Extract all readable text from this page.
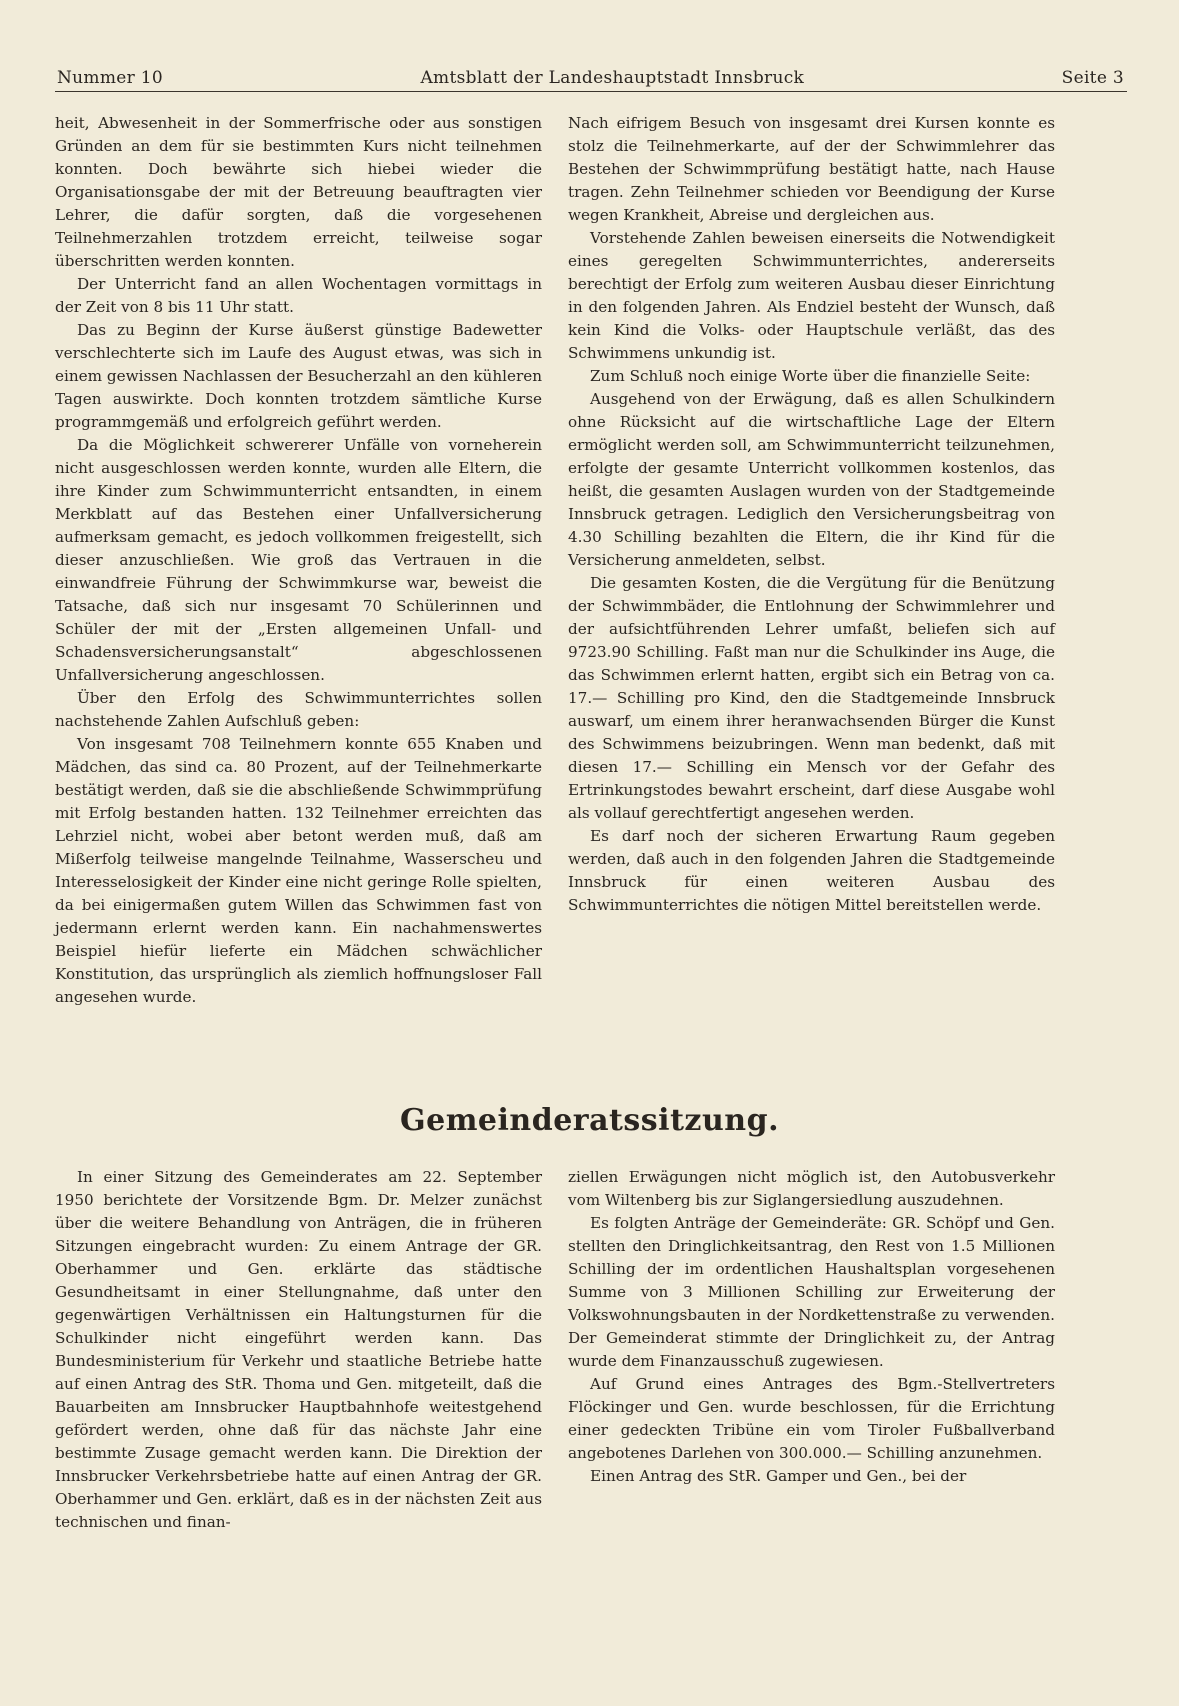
Nummer 10	Amtsblatt der Landeshauptstadt Innsbruck	Seite 3

heit, Abwesenheit in der Sommerfrische oder aus sonstigen Gründen an dem für sie bestimmten Kurs nicht teilnehmen konnten. Doch bewährte sich hiebei wieder die Organisationsgabe der mit der Betreuung beauftragten vier Lehrer, die dafür sorgten, daß die vorgesehenen Teilnehmerzahlen trotzdem erreicht, teilweise sogar überschritten werden konnten.

Der Unterricht fand an allen Wochentagen vormittags in der Zeit von 8 bis 11 Uhr statt.

Das zu Beginn der Kurse äußerst günstige Badewetter verschlechterte sich im Laufe des August etwas, was sich in einem gewissen Nachlassen der Besucherzahl an den kühleren Tagen auswirkte. Doch konnten trotzdem sämtliche Kurse programmgemäß und erfolgreich geführt werden.

Da die Möglichkeit schwererer Unfälle von vorneherein nicht ausgeschlossen werden konnte, wurden alle Eltern, die ihre Kinder zum Schwimmunterricht entsandten, in einem Merkblatt auf das Bestehen einer Unfallversicherung aufmerksam gemacht, es jedoch vollkommen freigestellt, sich dieser anzuschließen. Wie groß das Vertrauen in die einwandfreie Führung der Schwimmkurse war, beweist die Tatsache, daß sich nur insgesamt 70 Schülerinnen und Schüler der mit der „Ersten allgemeinen Unfall- und Schadensversicherungsanstalt“ abgeschlossenen Unfallversicherung angeschlossen.

Über den Erfolg des Schwimmunterrichtes sollen nachstehende Zahlen Aufschluß geben:

Von insgesamt 708 Teilnehmern konnte 655 Knaben und Mädchen, das sind ca. 80 Prozent, auf der Teilnehmerkarte bestätigt werden, daß sie die abschließende Schwimmprüfung mit Erfolg bestanden hatten. 132 Teilnehmer erreichten das Lehrziel nicht, wobei aber betont werden muß, daß am Mißerfolg teilweise mangelnde Teilnahme, Wasserscheu und Interesselosigkeit der Kinder eine nicht geringe Rolle spielten, da bei einigermaßen gutem Willen das Schwimmen fast von jedermann erlernt werden kann. Ein nachahmenswertes Beispiel hiefür lieferte ein Mädchen schwächlicher Konstitution, das ursprünglich als ziemlich hoffnungsloser Fall angesehen wurde.

Nach eifrigem Besuch von insgesamt drei Kursen konnte es stolz die Teilnehmerkarte, auf der der Schwimmlehrer das Bestehen der Schwimmprüfung bestätigt hatte, nach Hause tragen. Zehn Teilnehmer schieden vor Beendigung der Kurse wegen Krankheit, Abreise und dergleichen aus.

Vorstehende Zahlen beweisen einerseits die Notwendigkeit eines geregelten Schwimmunterrichtes, andererseits berechtigt der Erfolg zum weiteren Ausbau dieser Einrichtung in den folgenden Jahren. Als Endziel besteht der Wunsch, daß kein Kind die Volks- oder Hauptschule verläßt, das des Schwimmens unkundig ist.

Zum Schluß noch einige Worte über die finanzielle Seite:

Ausgehend von der Erwägung, daß es allen Schulkindern ohne Rücksicht auf die wirtschaftliche Lage der Eltern ermöglicht werden soll, am Schwimmunterricht teilzunehmen, erfolgte der gesamte Unterricht vollkommen kostenlos, das heißt, die gesamten Auslagen wurden von der Stadtgemeinde Innsbruck getragen. Lediglich den Versicherungsbeitrag von 4.30 Schilling bezahlten die Eltern, die ihr Kind für die Versicherung anmeldeten, selbst.

Die gesamten Kosten, die die Vergütung für die Benützung der Schwimmbäder, die Entlohnung der Schwimmlehrer und der aufsichtführenden Lehrer umfaßt, beliefen sich auf 9723.90 Schilling. Faßt man nur die Schulkinder ins Auge, die das Schwimmen erlernt hatten, ergibt sich ein Betrag von ca. 17.— Schilling pro Kind, den die Stadtgemeinde Innsbruck auswarf, um einem ihrer heranwachsenden Bürger die Kunst des Schwimmens beizubringen. Wenn man bedenkt, daß mit diesen 17.— Schilling ein Mensch vor der Gefahr des Ertrinkungstodes bewahrt erscheint, darf diese Ausgabe wohl als vollauf gerechtfertigt angesehen werden.

Es darf noch der sicheren Erwartung Raum gegeben werden, daß auch in den folgenden Jahren die Stadtgemeinde Innsbruck für einen weiteren Ausbau des Schwimmunterrichtes die nötigen Mittel bereitstellen werde.

Gemeinderatssitzung.

In einer Sitzung des Gemeinderates am 22. September 1950 berichtete der Vorsitzende Bgm. Dr. Melzer zunächst über die weitere Behandlung von Anträgen, die in früheren Sitzungen eingebracht wurden: Zu einem Antrage der GR. Oberhammer und Gen. erklärte das städtische Gesundheitsamt in einer Stellungnahme, daß unter den gegenwärtigen Verhältnissen ein Haltungsturnen für die Schulkinder nicht eingeführt werden kann. Das Bundesministerium für Verkehr und staatliche Betriebe hatte auf einen Antrag des StR. Thoma und Gen. mitgeteilt, daß die Bauarbeiten am Innsbrucker Hauptbahnhofe weitestgehend gefördert werden, ohne daß für das nächste Jahr eine bestimmte Zusage gemacht werden kann. Die Direktion der Innsbrucker Verkehrsbetriebe hatte auf einen Antrag der GR. Oberhammer und Gen. erklärt, daß es in der nächsten Zeit aus technischen und finan-

ziellen Erwägungen nicht möglich ist, den Autobusverkehr vom Wiltenberg bis zur Siglangersiedlung auszudehnen.

Es folgten Anträge der Gemeinderäte: GR. Schöpf und Gen. stellten den Dringlichkeitsantrag, den Rest von 1.5 Millionen Schilling der im ordentlichen Haushaltsplan vorgesehenen Summe von 3 Millionen Schilling zur Erweiterung der Volkswohnungsbauten in der Nordkettenstraße zu verwenden. Der Gemeinderat stimmte der Dringlichkeit zu, der Antrag wurde dem Finanzausschuß zugewiesen.

Auf Grund eines Antrages des Bgm.-Stellvertreters Flöckinger und Gen. wurde beschlossen, für die Errichtung einer gedeckten Tribüne ein vom Tiroler Fußballverband angebotenes Darlehen von 300.000.— Schilling anzunehmen.

Einen Antrag des StR. Gamper und Gen., bei der
